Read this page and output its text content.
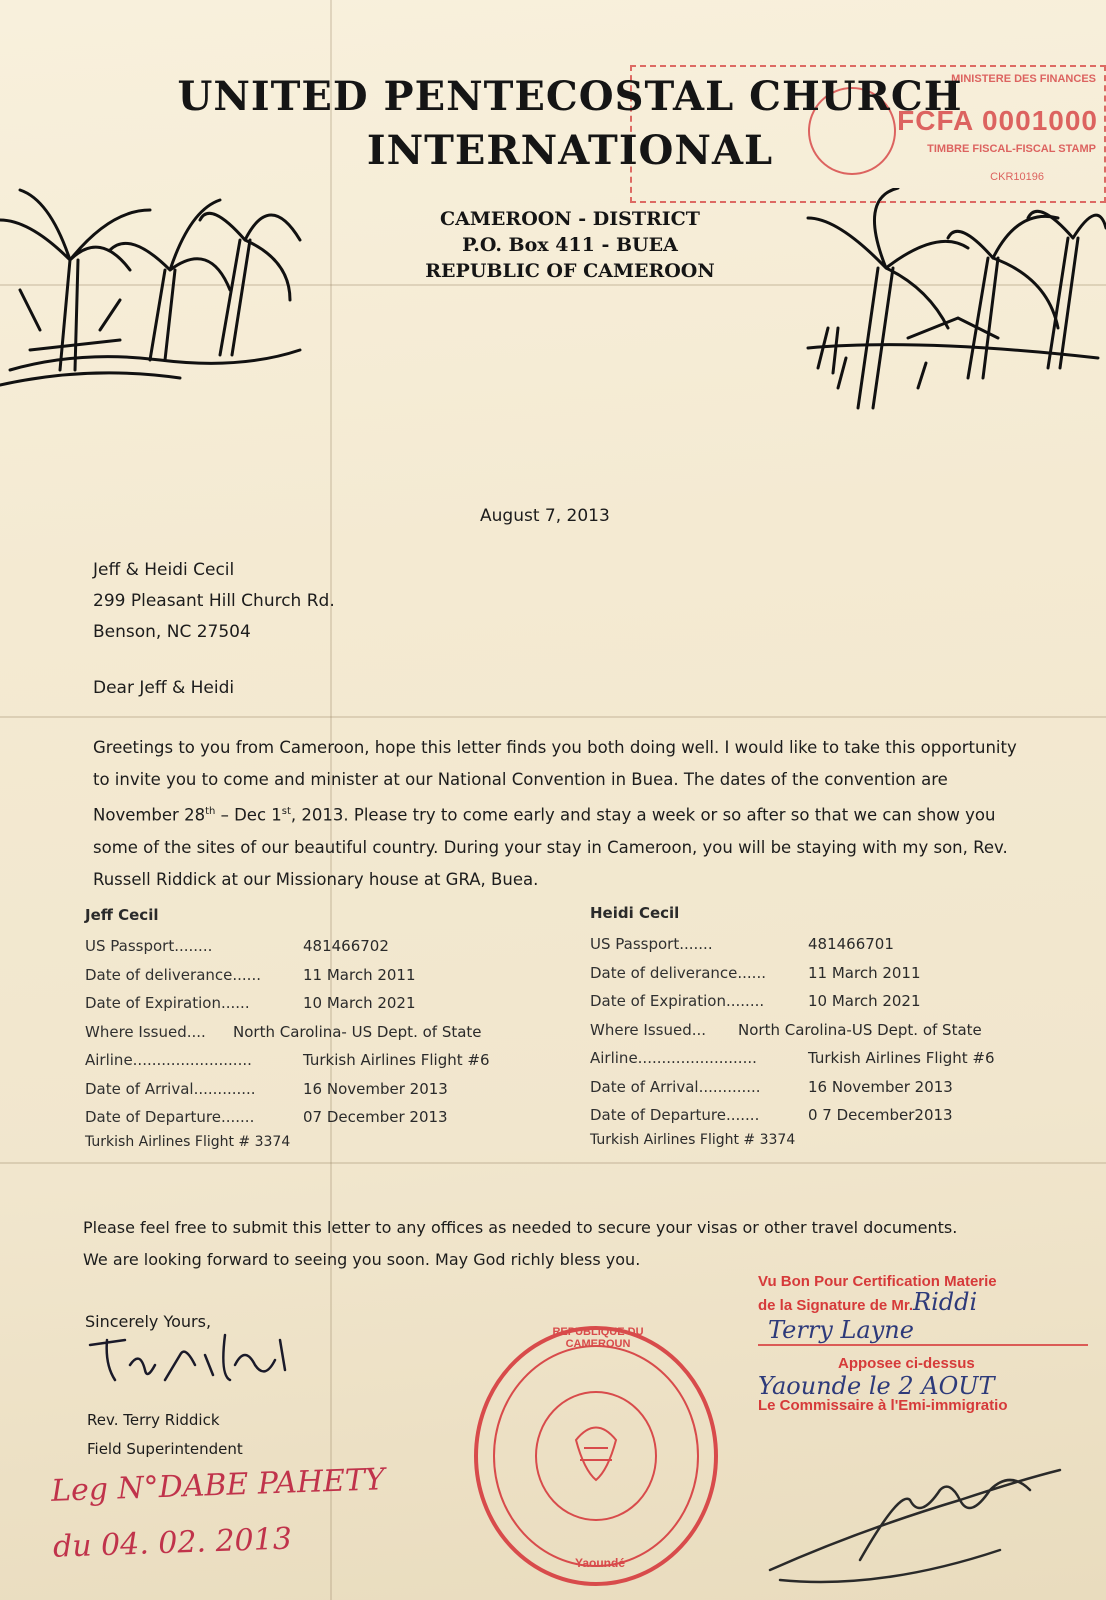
MINISTERE DES FINANCES
FCFA 0001000
TIMBRE FISCAL-FISCAL STAMP
CKR10196
UNITED PENTECOSTAL CHURCH
INTERNATIONAL
CAMEROON - DISTRICT
P.O. Box 411 - BUEA
REPUBLIC OF CAMEROON
August 7, 2013
Jeff & Heidi Cecil
299 Pleasant Hill Church Rd.
Benson, NC 27504
Dear Jeff & Heidi
Greetings to you from Cameroon, hope this letter finds you both doing well. I would like to take this opportunity to invite you to come and minister at our National Convention in Buea. The dates of the convention are November 28th – Dec 1st, 2013. Please try to come early and stay a week or so after so that we can show you some of the sites of our beautiful country. During your stay in Cameroon, you will be staying with my son, Rev. Russell Riddick at our Missionary house at GRA, Buea.
Jeff Cecil
US Passport........	481466702
Date of deliverance......	11 March 2011
Date of Expiration......	10 March 2021
Where Issued....	North Carolina- US Dept. of State
Airline.........................	Turkish Airlines Flight #6
Date of Arrival.............	16 November 2013
Date of Departure.......	07 December 2013
Turkish Airlines Flight # 3374
Heidi Cecil
US Passport.......	481466701
Date of deliverance......	11 March 2011
Date of Expiration........	10 March 2021
Where Issued...	North Carolina-US Dept. of State
Airline.........................	Turkish Airlines Flight #6
Date of Arrival.............	16 November 2013
Date of Departure.......	0 7 December2013
Turkish Airlines Flight # 3374
Please feel free to submit this letter to any offices as needed to secure your visas or other travel documents. We are looking forward to seeing you soon. May God richly bless you.
Sincerely Yours,
Rev. Terry Riddick
Field Superintendent
Leg N°DABE PAHETY
du 04. 02. 2013
REPUBLIQUE DU CAMEROUN
Yaoundé
Vu Bon Pour Certification Materie
de la Signature de Mr.Riddi
Terry Layne
Apposee ci-dessus
Yaounde le 2 AOUT
Le Commissaire à l'Emi-immigratio
